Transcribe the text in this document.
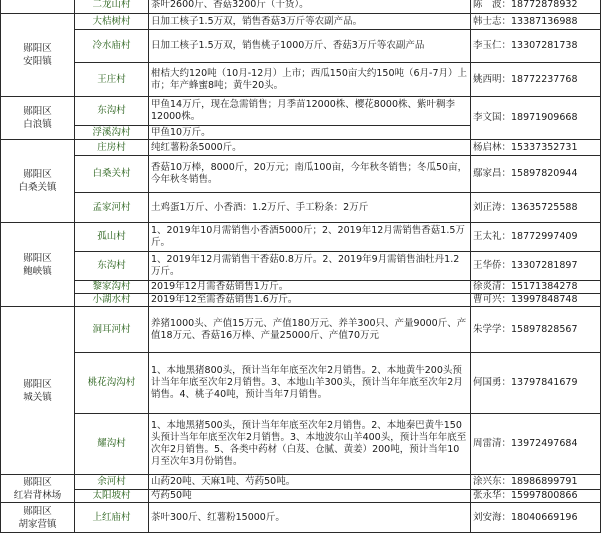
	二龙山村	茶叶2600斤、香菇3200斤（干货）。	陈　波：18772878932

郧阳区
安阳镇	大桔树村	日加工核子1.5万双，销售香菇3万斤等农副产品。	韩士志：13387136988
	冷水庙村	日加工核子1.5万双，销售桃子1000万斤、香菇3万斤等农副产品	李玉仁：13307281738
	王庄村	柑桔大约120吨（10月-12月）上市；西瓜150亩大约150吨（6月-7月）上市；年产蜂蜜8吨；黄牛20头。	姚西明：18772237768

郧阳区
白浪镇	东沟村	甲鱼14万斤，现在急需销售；月季苗12000株、樱花8000株、紫叶稠李12000株。	李文国：18971909668
	浮溪沟村	甲鱼10万斤。	

郧阳区
白桑关镇	庄房村	纯红薯粉条5000斤。	杨启林：15337352731
	白桑关村	香菇10万棒，8000斤，20万元；南瓜100亩，今年秋冬销售；冬瓜50亩，今年秋冬销售。	鄢家昌：15897820944
	孟家河村	土鸡蛋1万斤、小香酒：1.2万斤、手工粉条：2万斤	刘正涛：13635725588

郧阳区
鲍峡镇	孤山村	1、2019年10月需销售小香酒5000斤；2、2019年12月需销售香菇1.5万斤。	王太礼：18772997409
	东沟村	1、2019年12月需销售干香菇0.8万斤。2、2019年9月需销售油牡丹1.2万斤。	王华侨：13307281897
	黎家沟村	2019年12月需香菇销售1万斤。	徐炎清：15171384278
	小湖水村	2019年12至需香菇销售1.6万斤。	曹可兴：13997848748

郧阳区
城关镇	洞耳河村	养猪1000头、产值15万元、产值180万元、养羊300只、产量9000斤、产值18万元、香菇16万棒、产量25000斤、产值70万元	朱学学：15897828567
	桃花沟沟村	1、本地黑猪800头，预计当年年底至次年2月销售。2、本地黄牛200头预计当年年底至次年2月销售。3、本地山羊300头，预计当年年底至次年2月销售。4、桃子40吨，预计当年7月销售。	何国勇：13797841679
	耀沟村	1、本地黑猪500头，预计当年年底至次年2月销售。2、本地秦巴黄牛150头预计当年年底至次年2月销售。3、本地波尔山羊400头，预计当年年底至次年2月销售。5、各类中药材（白芨、仓腻、黄姜）200吨，预计当年10月至次年3月份销售。	周雷清：13972497684

郧阳区
红岩背林场	余河村	山药20吨、天麻1吨、芍药50吨。	涂兴东：18986899791
	太阳坡村	芍药50吨	张永华：15997800866

郧阳区
胡家营镇	上红庙村	茶叶300斤、红薯粉15000斤。	刘安海：18040669196
